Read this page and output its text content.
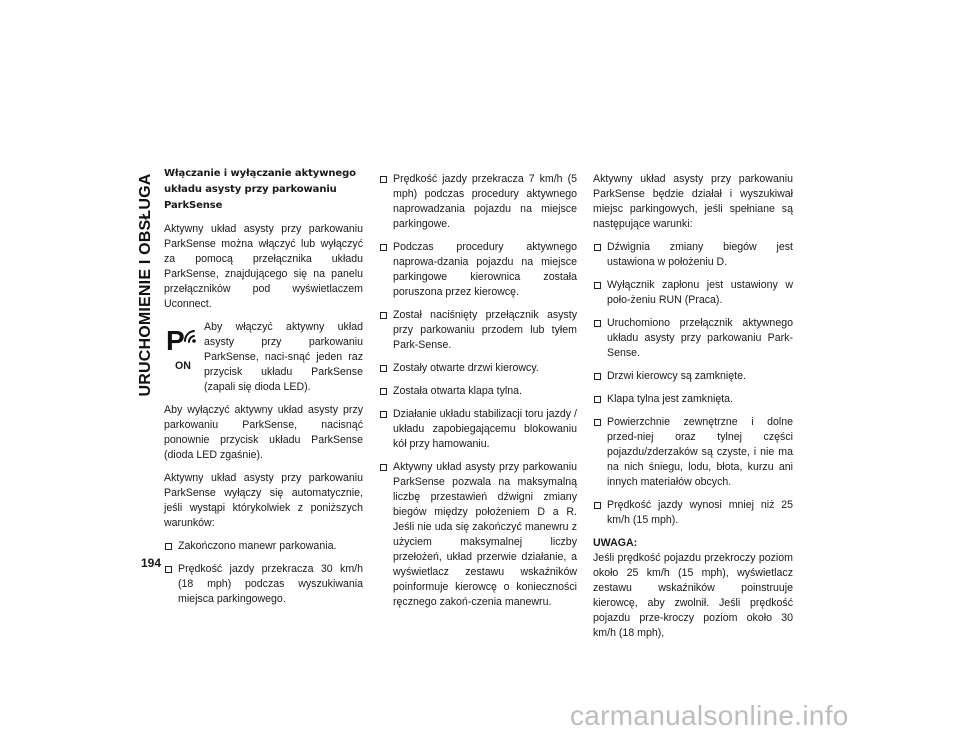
URUCHOMIENIE I OBSŁUGA
194
Włączanie i wyłączanie aktywnego układu asysty przy parkowaniu ParkSense

Aktywny układ asysty przy parkowaniu ParkSense można włączyć lub wyłączyć za pomocą przełącznika układu ParkSense, znajdującego się na panelu przełączników pod wyświetlaczem Uconnect.

P
ON

Aby włączyć aktywny układ asysty przy parkowaniu ParkSense, naci-snąć jeden raz przycisk układu ParkSense (zapali się dioda LED).

Aby wyłączyć aktywny układ asysty przy parkowaniu ParkSense, nacisnąć ponownie przycisk układu ParkSense (dioda LED zgaśnie).

Aktywny układ asysty przy parkowaniu ParkSense wyłączy się automatycznie, jeśli wystąpi którykolwiek z poniższych warunków:

Zakończono manewr parkowania.
Prędkość jazdy przekracza 30 km/h (18 mph) podczas wyszukiwania miejsca parkingowego.
Prędkość jazdy przekracza 7 km/h (5 mph) podczas procedury aktywnego naprowadzania pojazdu na miejsce parkingowe.
Podczas procedury aktywnego naprowa-dzania pojazdu na miejsce parkingowe kierownica została poruszona przez kierowcę.
Został naciśnięty przełącznik asysty przy parkowaniu przodem lub tyłem Park-Sense.
Zostały otwarte drzwi kierowcy.
Została otwarta klapa tylna.
Działanie układu stabilizacji toru jazdy / układu zapobiegającemu blokowaniu kół przy hamowaniu.
Aktywny układ asysty przy parkowaniu ParkSense pozwala na maksymalną liczbę przestawień dźwigni zmiany biegów między położeniem D a R. Jeśli nie uda się zakończyć manewru z użyciem maksymalnej liczby przełożeń, układ przerwie działanie, a wyświetlacz zestawu wskaźników poinformuje kierowcę o konieczności ręcznego zakoń-czenia manewru.

Aktywny układ asysty przy parkowaniu ParkSense będzie działał i wyszukiwał miejsc parkingowych, jeśli spełniane są następujące warunki:

Dźwignia zmiany biegów jest ustawiona w położeniu D.
Wyłącznik zapłonu jest ustawiony w poło-żeniu RUN (Praca).
Uruchomiono przełącznik aktywnego układu asysty przy parkowaniu Park-Sense.
Drzwi kierowcy są zamknięte.
Klapa tylna jest zamknięta.
Powierzchnie zewnętrzne i dolne przed-niej oraz tylnej części pojazdu/zderzaków są czyste, i nie ma na nich śniegu, lodu, błota, kurzu ani innych materiałów obcych.
Prędkość jazdy wynosi mniej niż 25 km/h (15 mph).
UWAGA:
Jeśli prędkość pojazdu przekroczy poziom około 25 km/h (15 mph), wyświetlacz zestawu wskaźników poinstruuje kierowcę, aby zwolnił. Jeśli prędkość pojazdu prze-kroczy poziom około 30 km/h (18 mph),
carmanualsonline.info
